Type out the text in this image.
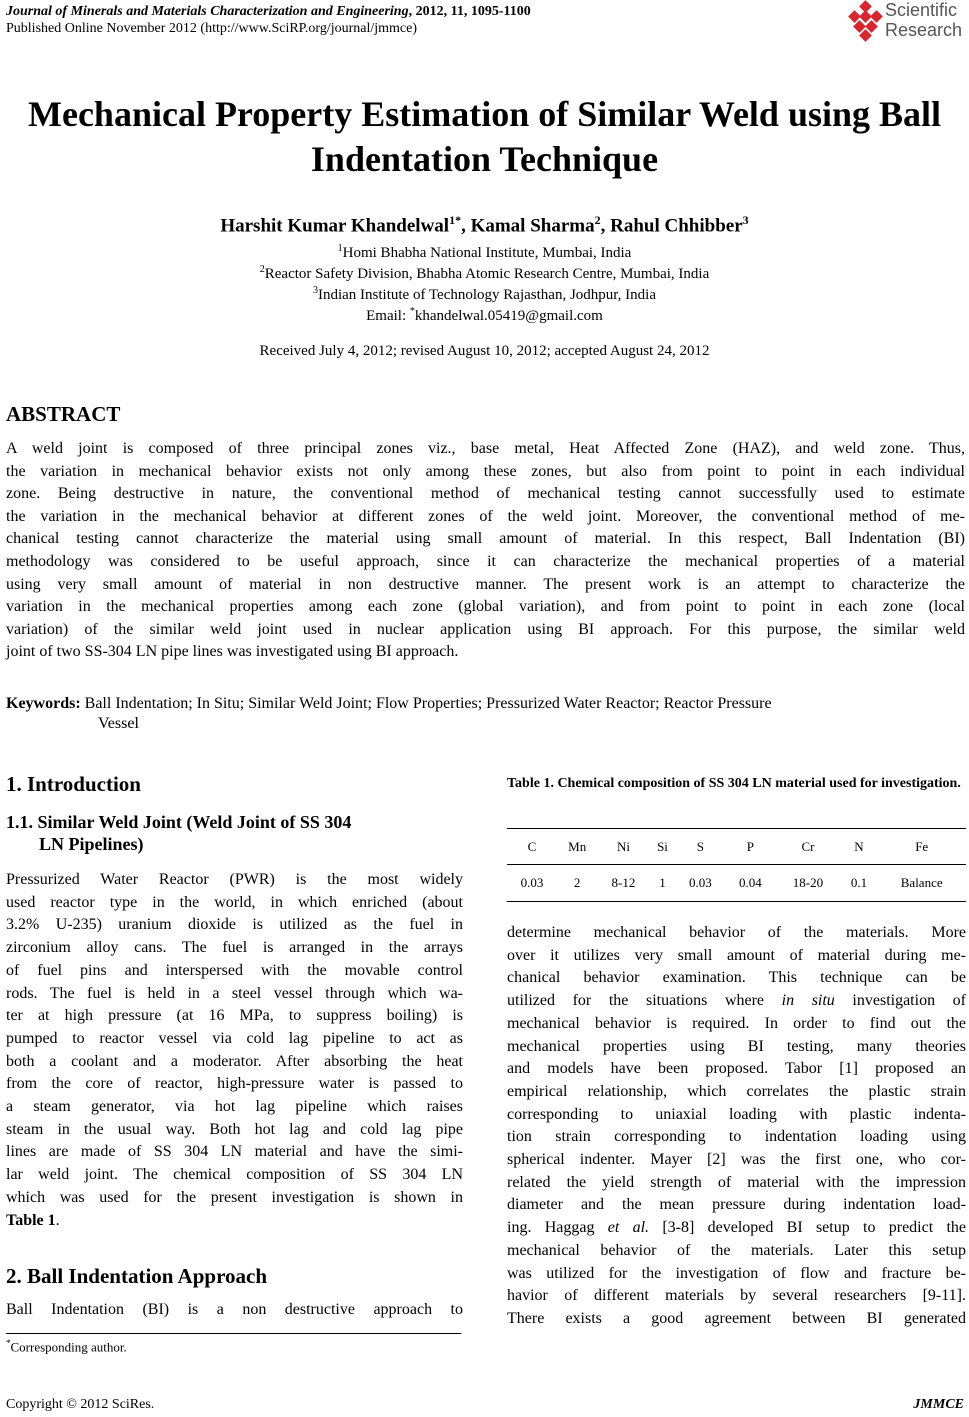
Journal of Minerals and Materials Characterization and Engineering, 2012, 11, 1095-1100
Published Online November 2012 (http://www.SciRP.org/journal/jmmce)
Scientific
Research
Mechanical Property Estimation of Similar Weld using Ball
Indentation Technique
Harshit Kumar Khandelwal$^{1*}$, Kamal Sharma$^2$, Rahul Chhibber$^3$
$^1$Homi Bhabha National Institute, Mumbai, India
$^2$Reactor Safety Division, Bhabha Atomic Research Centre, Mumbai, India
$^3$Indian Institute of Technology Rajasthan, Jodhpur, India
Email: *khandelwal.05419@gmail.com
Received July 4, 2012; revised August 10, 2012; accepted August 24, 2012
ABSTRACT
A weld joint is composed of three principal zones viz., base metal, Heat Affected Zone (HAZ), and weld zone. Thus,
the variation in mechanical behavior exists not only among these zones, but also from point to point in each individual
zone. Being destructive in nature, the conventional method of mechanical testing cannot successfully used to estimate
the variation in the mechanical behavior at different zones of the weld joint. Moreover, the conventional method of me-
chanical testing cannot characterize the material using small amount of material. In this respect, Ball Indentation (BI)
methodology was considered to be useful approach, since it can characterize the mechanical properties of a material
using very small amount of material in non destructive manner. The present work is an attempt to characterize the
variation in the mechanical properties among each zone (global variation), and from point to point in each zone (local
variation) of the similar weld joint used in nuclear application using BI approach. For this purpose, the similar weld
joint of two SS-304 LN pipe lines was investigated using BI approach.
Keywords: Ball Indentation; In Situ; Similar Weld Joint; Flow Properties; Pressurized Water Reactor; Reactor Pressure
Vessel
1. Introduction
1.1. Similar Weld Joint (Weld Joint of SS 304
LN Pipelines)
Pressurized Water Reactor (PWR) is the most widely
used reactor type in the world, in which enriched (about
3.2% U-235) uranium dioxide is utilized as the fuel in
zirconium alloy cans. The fuel is arranged in the arrays
of fuel pins and interspersed with the movable control
rods. The fuel is held in a steel vessel through which wa-
ter at high pressure (at 16 MPa, to suppress boiling) is
pumped to reactor vessel via cold lag pipeline to act as
both a coolant and a moderator. After absorbing the heat
from the core of reactor, high-pressure water is passed to
a steam generator, via hot lag pipeline which raises
steam in the usual way. Both hot lag and cold lag pipe
lines are made of SS 304 LN material and have the simi-
lar weld joint. The chemical composition of SS 304 LN
which was used for the present investigation is shown in
Table 1.
2. Ball Indentation Approach
Ball Indentation (BI) is a non destructive approach to
Table 1. Chemical composition of SS 304 LN material used for investigation.
C	Mn	Ni	Si	S	P	Cr	N	Fe
0.03	2	8-12	1	0.03	0.04	18-20	0.1	Balance
determine mechanical behavior of the materials. More
over it utilizes very small amount of material during me-
chanical behavior examination. This technique can be
utilized for the situations where in situ investigation of
mechanical behavior is required. In order to find out the
mechanical properties using BI testing, many theories
and models have been proposed. Tabor [1] proposed an
empirical relationship, which correlates the plastic strain
corresponding to uniaxial loading with plastic indenta-
tion strain corresponding to indentation loading using
spherical indenter. Mayer [2] was the first one, who cor-
related the yield strength of material with the impression
diameter and the mean pressure during indentation load-
ing. Haggag et al. [3-8] developed BI setup to predict the
mechanical behavior of the materials. Later this setup
was utilized for the investigation of flow and fracture be-
havior of different materials by several researchers [9-11].
There exists a good agreement between BI generated
*Corresponding author.
Copyright © 2012 SciRes.	JMMCE
